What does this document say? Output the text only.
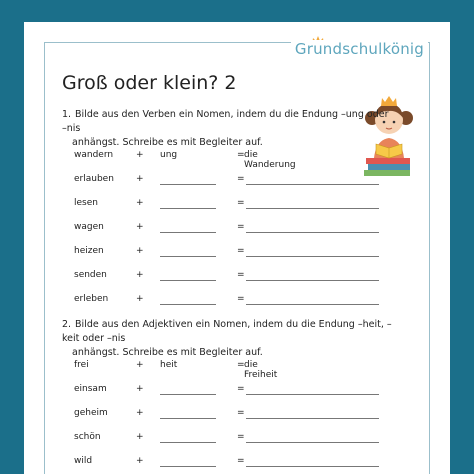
Grundschulkönig
Groß oder klein? 2
1. Bilde aus den Verben ein Nomen, indem du die Endung –ung oder –nis
anhängst. Schreibe es mit Begleiter auf.
wandern	+ ung	= die Wanderung
erlauben +	=
lesen	+	=
wagen	+	=
heizen	+	=
senden	+	=
erleben	+	=
2. Bilde aus den Adjektiven ein Nomen, indem du die Endung –heit, –keit oder –nis
anhängst. Schreibe es mit Begleiter auf.
frei	+ heit	= die Freiheit
einsam	+	=
geheim	+	=
schön	+	=
wild	+	=
